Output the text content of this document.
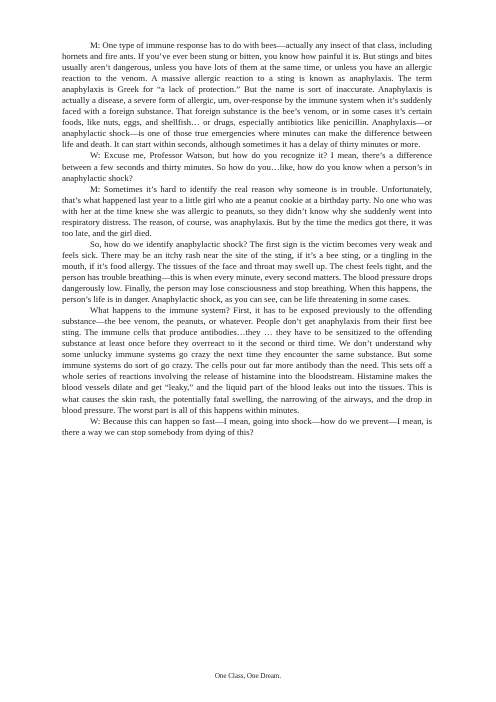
M: One type of immune response has to do with bees—actually any insect of that class, including hornets and fire ants. If you’ve ever been stung or bitten, you know how painful it is. But stings and bites usually aren’t dangerous, unless you have lots of them at the same time, or unless you have an allergic reaction to the venom. A massive allergic reaction to a sting is known as anaphylaxis. The term anaphylaxis is Greek for “a lack of protection.” But the name is sort of inaccurate. Anaphylaxis is actually a disease, a severe form of allergic, um, over-response by the immune system when it’s suddenly faced with a foreign substance. That foreign substance is the bee’s venom, or in some cases it’s certain foods, like nuts, eggs, and shellfish… or drugs, especially antibiotics like penicillin. Anaphylaxis—or anaphylactic shock—is one of those true emergencies where minutes can make the difference between life and death. It can start within seconds, although sometimes it has a delay of thirty minutes or more.

W: Excuse me, Professor Watson, but how do you recognize it? I mean, there’s a difference between a few seconds and thirty minutes. So how do you…like, how do you know when a person’s in anaphylactic shock?

M: Sometimes it’s hard to identify the real reason why someone is in trouble. Unfortunately, that’s what happened last year to a little girl who ate a peanut cookie at a birthday party. No one who was with her at the time knew she was allergic to peanuts, so they didn’t know why she suddenly went into respiratory distress. The reason, of course, was anaphylaxis. But by the time the medics got there, it was too late, and the girl died.

So, how do we identify anaphylactic shock? The first sign is the victim becomes very weak and feels sick. There may be an itchy rash near the site of the sting, if it’s a bee sting, or a tingling in the mouth, if it’s food allergy. The tissues of the face and throat may swell up. The chest feels tight, and the person has trouble breathing—this is when every minute, every second matters. The blood pressure drops dangerously low. Finally, the person may lose consciousness and stop breathing. When this happens, the person’s life is in danger. Anaphylactic shock, as you can see, can be life threatening in some cases.

What happens to the immune system? First, it has to be exposed previously to the offending substance—the bee venom, the peanuts, or whatever. People don’t get anaphylaxis from their first bee sting. The immune cells that produce antibodies…they … they have to be sensitized to the offending substance at least once before they overreact to it the second or third time. We don’t understand why some unlucky immune systems go crazy the next time they encounter the same substance. But some immune systems do sort of go crazy. The cells pour out far more antibody than the need. This sets off a whole series of reactions involving the release of histamine into the bloodstream. Histamine makes the blood vessels dilate and get “leaky,” and the liquid part of the blood leaks out into the tissues. This is what causes the skin rash, the potentially fatal swelling, the narrowing of the airways, and the drop in blood pressure. The worst part is all of this happens within minutes.

W: Because this can happen so fast—I mean, going into shock—how do we prevent—I mean, is there a way we can stop somebody from dying of this?

One Class, One Dream.
